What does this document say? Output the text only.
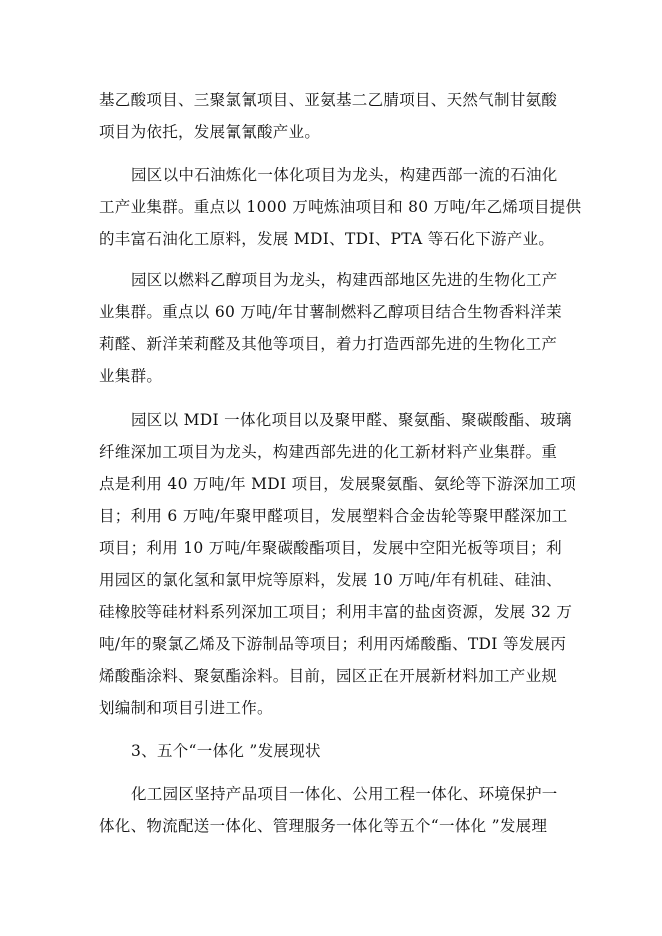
基乙酸项目、三聚氯氰项目、亚氨基二乙腈项目、天然气制甘氨酸
项目为依托，发展氰氰酸产业。
园区以中石油炼化一体化项目为龙头，构建西部一流的石油化
工产业集群。重点以 1000 万吨炼油项目和 80 万吨/年乙烯项目提供
的丰富石油化工原料，发展 MDI、TDI、PTA 等石化下游产业。
园区以燃料乙醇项目为龙头，构建西部地区先进的生物化工产
业集群。重点以 60 万吨/年甘薯制燃料乙醇项目结合生物香料洋茉
莉醛、新洋茉莉醛及其他等项目，着力打造西部先进的生物化工产
业集群。
园区以 MDI 一体化项目以及聚甲醛、聚氨酯、聚碳酸酯、玻璃
纤维深加工项目为龙头，构建西部先进的化工新材料产业集群。重
点是利用 40 万吨/年 MDI 项目，发展聚氨酯、氨纶等下游深加工项
目；利用 6 万吨/年聚甲醛项目，发展塑料合金齿轮等聚甲醛深加工
项目；利用 10 万吨/年聚碳酸酯项目，发展中空阳光板等项目；利
用园区的氯化氢和氯甲烷等原料，发展 10 万吨/年有机硅、硅油、
硅橡胶等硅材料系列深加工项目；利用丰富的盐卤资源，发展 32 万
吨/年的聚氯乙烯及下游制品等项目；利用丙烯酸酯、TDI 等发展丙
烯酸酯涂料、聚氨酯涂料。目前，园区正在开展新材料加工产业规
划编制和项目引进工作。
3、五个“一体化 ”发展现状
化工园区坚持产品项目一体化、公用工程一体化、环境保护一
体化、物流配送一体化、管理服务一体化等五个“一体化 ”发展理
